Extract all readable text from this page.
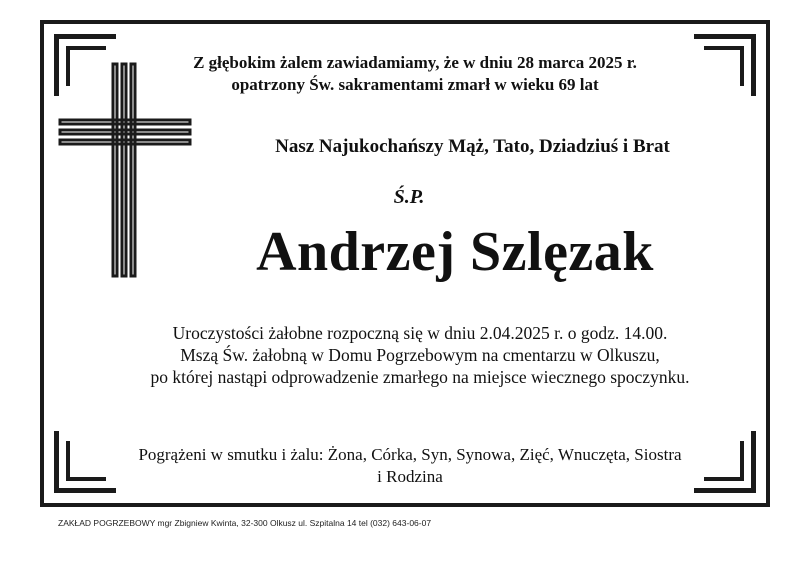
Z głębokim żalem zawiadamiamy, że w dniu 28 marca 2025 r.
opatrzony Św. sakramentami zmarł w wieku 69 lat
Nasz Najukochańszy Mąż, Tato, Dziadziuś i Brat
Ś.P.
Andrzej Szlęzak
Uroczystości żałobne rozpoczną się w dniu 2.04.2025 r. o godz. 14.00.
Mszą Św. żałobną w Domu Pogrzebowym na cmentarzu w Olkuszu,
po której nastąpi odprowadzenie zmarłego na miejsce wiecznego spoczynku.
Pogrążeni w smutku i żalu: Żona, Córka, Syn, Synowa, Zięć, Wnuczęta, Siostra
i Rodzina
ZAKŁAD POGRZEBOWY mgr Zbigniew Kwinta, 32-300 Olkusz ul. Szpitalna 14 tel (032) 643-06-07
